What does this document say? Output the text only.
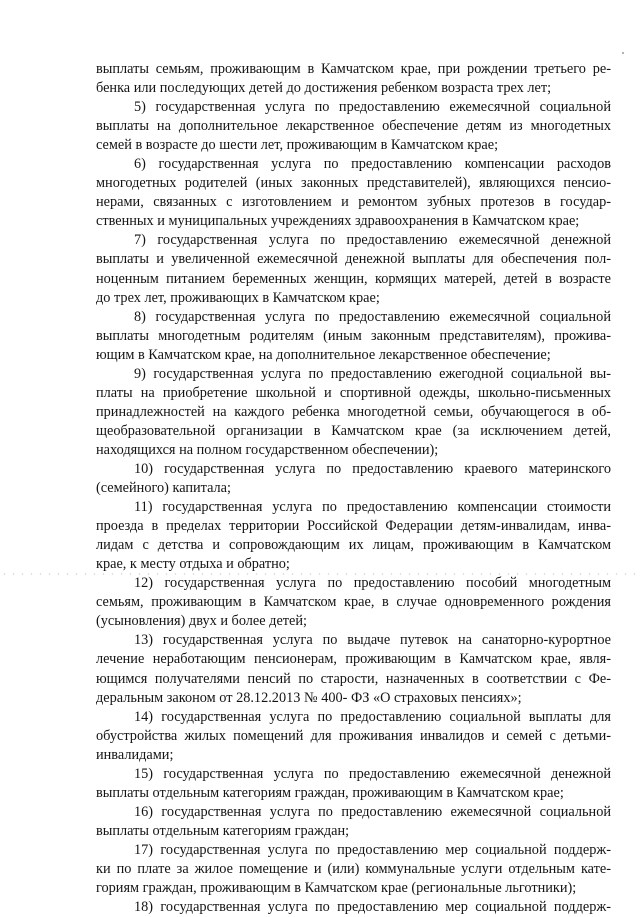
выплаты семьям, проживающим в Камчатском крае, при рождении третьего ре-
бенка или последующих детей до достижения ребенком возраста трех лет;
5) государственная услуга по предоставлению ежемесячной социальной
выплаты на дополнительное лекарственное обеспечение детям из многодетных
семей в возрасте до шести лет, проживающим в Камчатском крае;
6) государственная услуга по предоставлению компенсации расходов
многодетных родителей (иных законных представителей), являющихся пенсио-
нерами, связанных с изготовлением и ремонтом зубных протезов в государ-
ственных и муниципальных учреждениях здравоохранения в Камчатском крае;
7) государственная услуга по предоставлению ежемесячной денежной
выплаты и увеличенной ежемесячной денежной выплаты для обеспечения пол-
ноценным питанием беременных женщин, кормящих матерей, детей в возрасте
до трех лет, проживающих в Камчатском крае;
8) государственная услуга по предоставлению ежемесячной социальной
выплаты многодетным родителям (иным законным представителям), прожива-
ющим в Камчатском крае, на дополнительное лекарственное обеспечение;
9) государственная услуга по предоставлению ежегодной социальной вы-
платы на приобретение школьной и спортивной одежды, школьно-письменных
принадлежностей на каждого ребенка многодетной семьи, обучающегося в об-
щеобразовательной организации в Камчатском крае (за исключением детей,
находящихся на полном государственном обеспечении);
10) государственная услуга по предоставлению краевого материнского
(семейного) капитала;
11) государственная услуга по предоставлению компенсации стоимости
проезда в пределах территории Российской Федерации детям-инвалидам, инва-
лидам с детства и сопровождающим их лицам, проживающим в Камчатском
крае, к месту отдыха и обратно;
12) государственная услуга по предоставлению пособий многодетным
семьям, проживающим в Камчатском крае, в случае одновременного рождения
(усыновления) двух и более детей;
13) государственная услуга по выдаче путевок на санаторно-курортное
лечение неработающим пенсионерам, проживающим в Камчатском крае, явля-
ющимся получателями пенсий по старости, назначенных в соответствии с Фе-
деральным законом от 28.12.2013 № 400- ФЗ «О страховых пенсиях»;
14) государственная услуга по предоставлению социальной выплаты для
обустройства жилых помещений для проживания инвалидов и семей с детьми-
инвалидами;
15) государственная услуга по предоставлению ежемесячной денежной
выплаты отдельным категориям граждан, проживающим в Камчатском крае;
16) государственная услуга по предоставлению ежемесячной социальной
выплаты отдельным категориям граждан;
17) государственная услуга по предоставлению мер социальной поддерж-
ки по плате за жилое помещение и (или) коммунальные услуги отдельным кате-
гориям граждан, проживающим в Камчатском крае (региональные льготники);
18) государственная услуга по предоставлению мер социальной поддерж-
